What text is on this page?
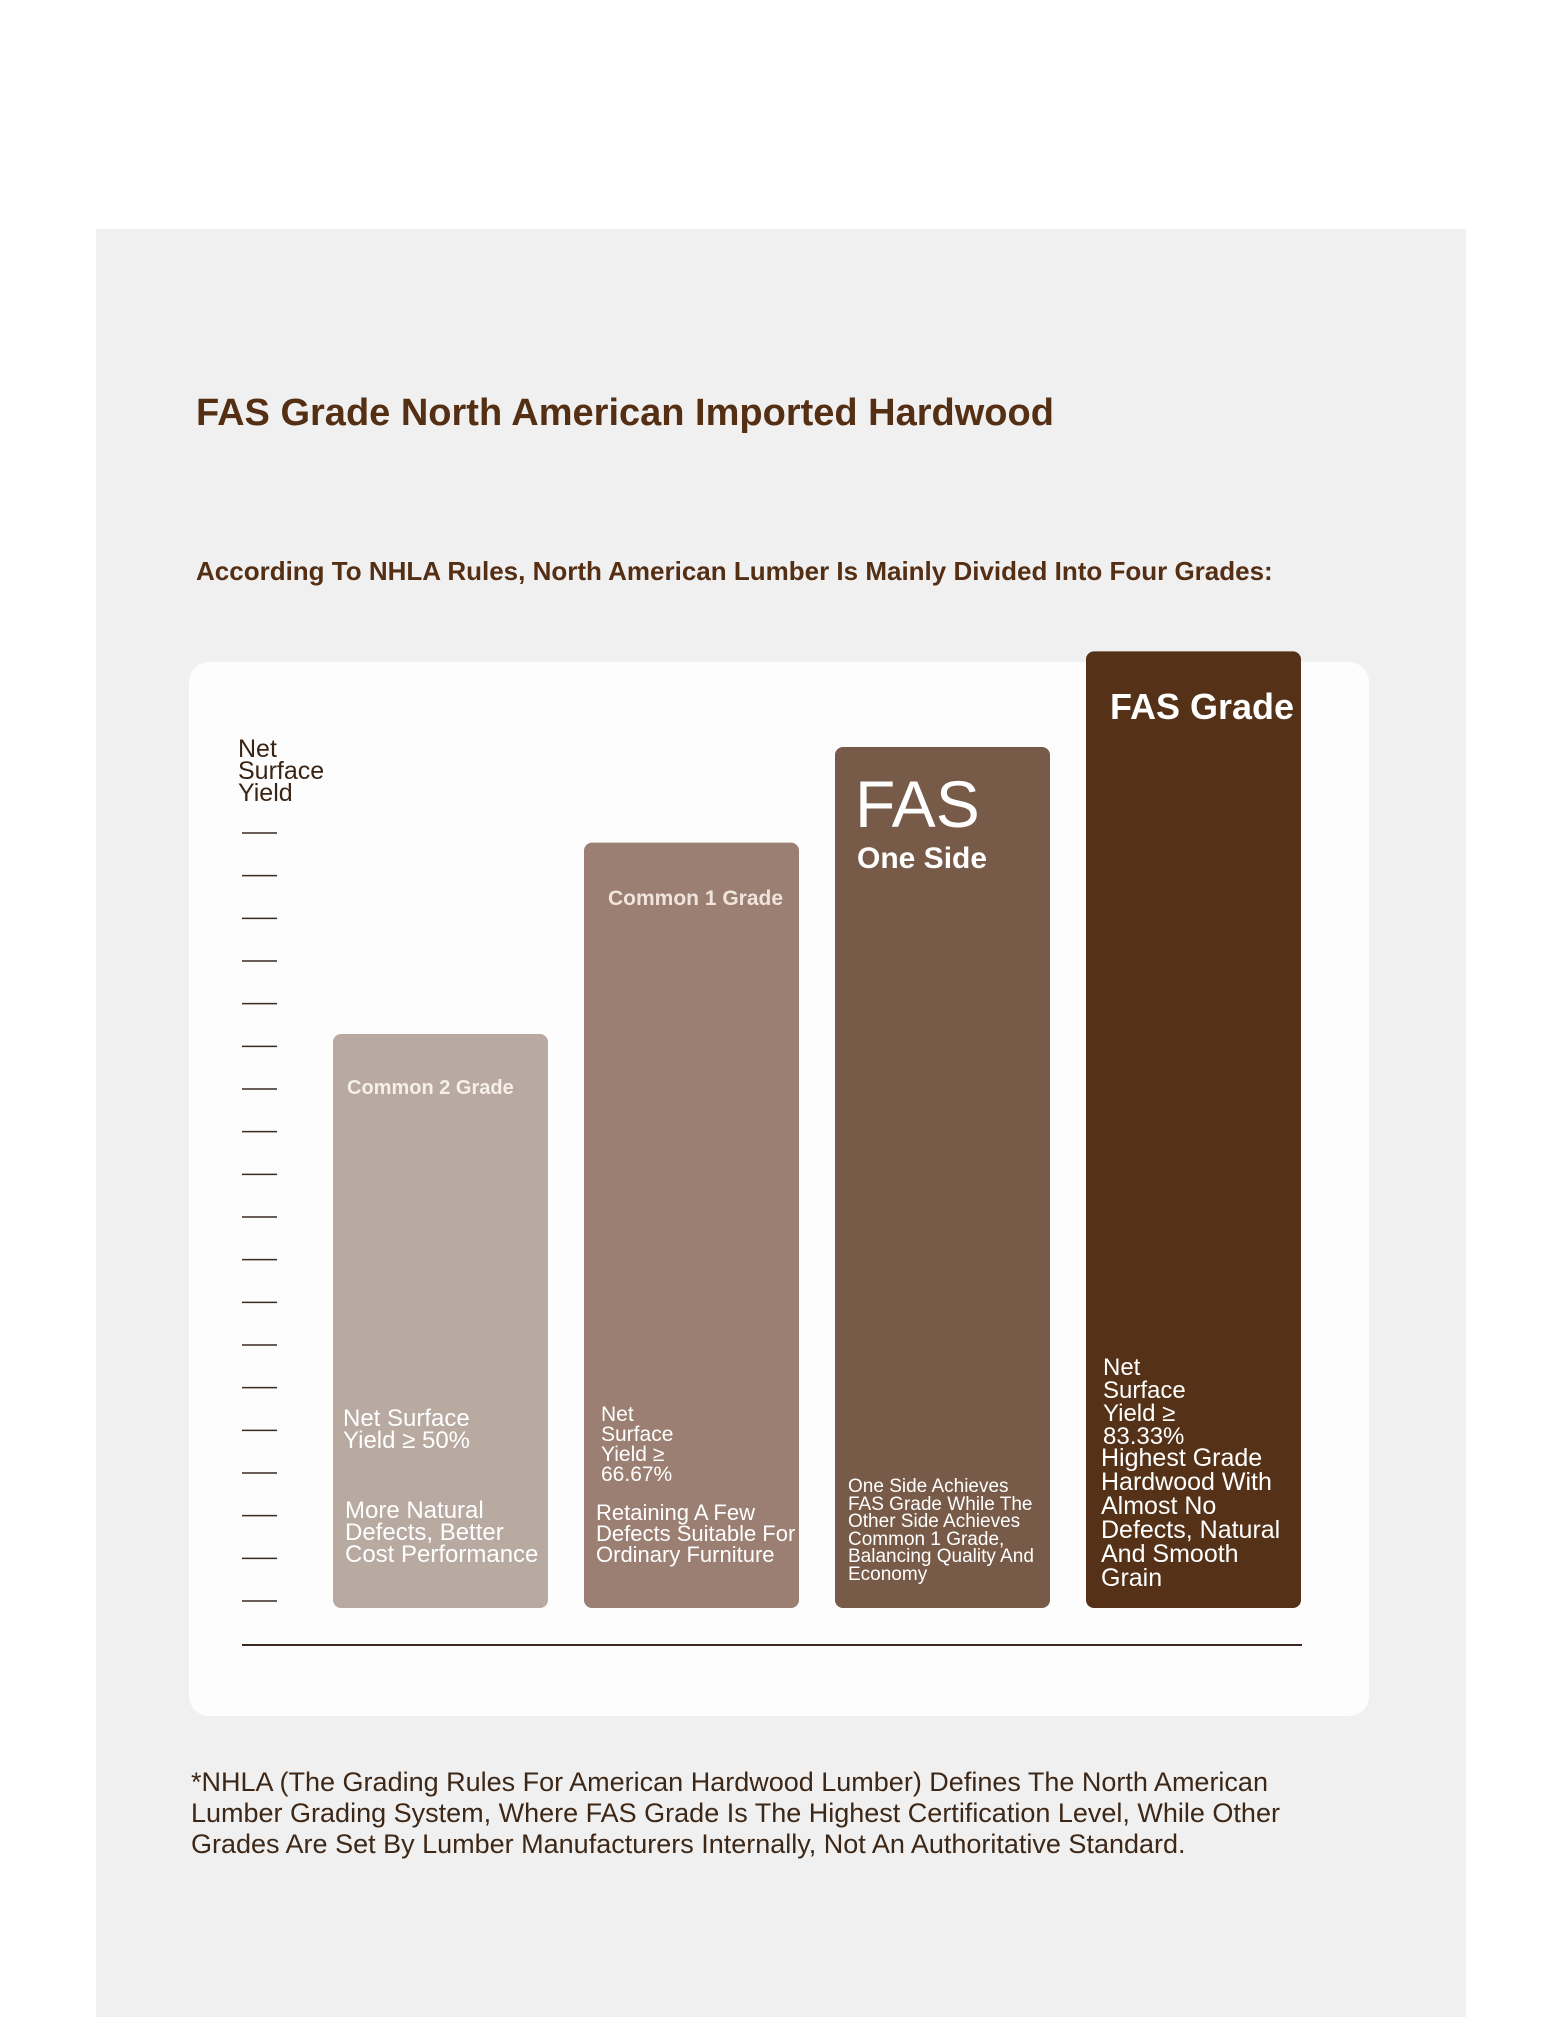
FAS Grade North American Imported Hardwood
According To NHLA Rules, North American Lumber Is Mainly Divided Into Four Grades:
Net Surface Yield
Common 2 Grade
Net Surface Yield ≥ 50%
More Natural Defects, Better Cost Performance
Common 1 Grade
Net Surface Yield ≥ 66.67%
Retaining A Few Defects Suitable For Ordinary Furniture
FAS
One Side
One Side Achieves FAS Grade While The Other Side Achieves Common 1 Grade, Balancing Quality And Economy
FAS Grade
Net Surface Yield ≥ 83.33%
Highest Grade Hardwood With Almost No Defects, Natural And Smooth Grain

*NHLA (The Grading Rules For American Hardwood Lumber) Defines The North American Lumber Grading System, Where FAS Grade Is The Highest Certification Level, While Other Grades Are Set By Lumber Manufacturers Internally, Not An Authoritative Standard.
